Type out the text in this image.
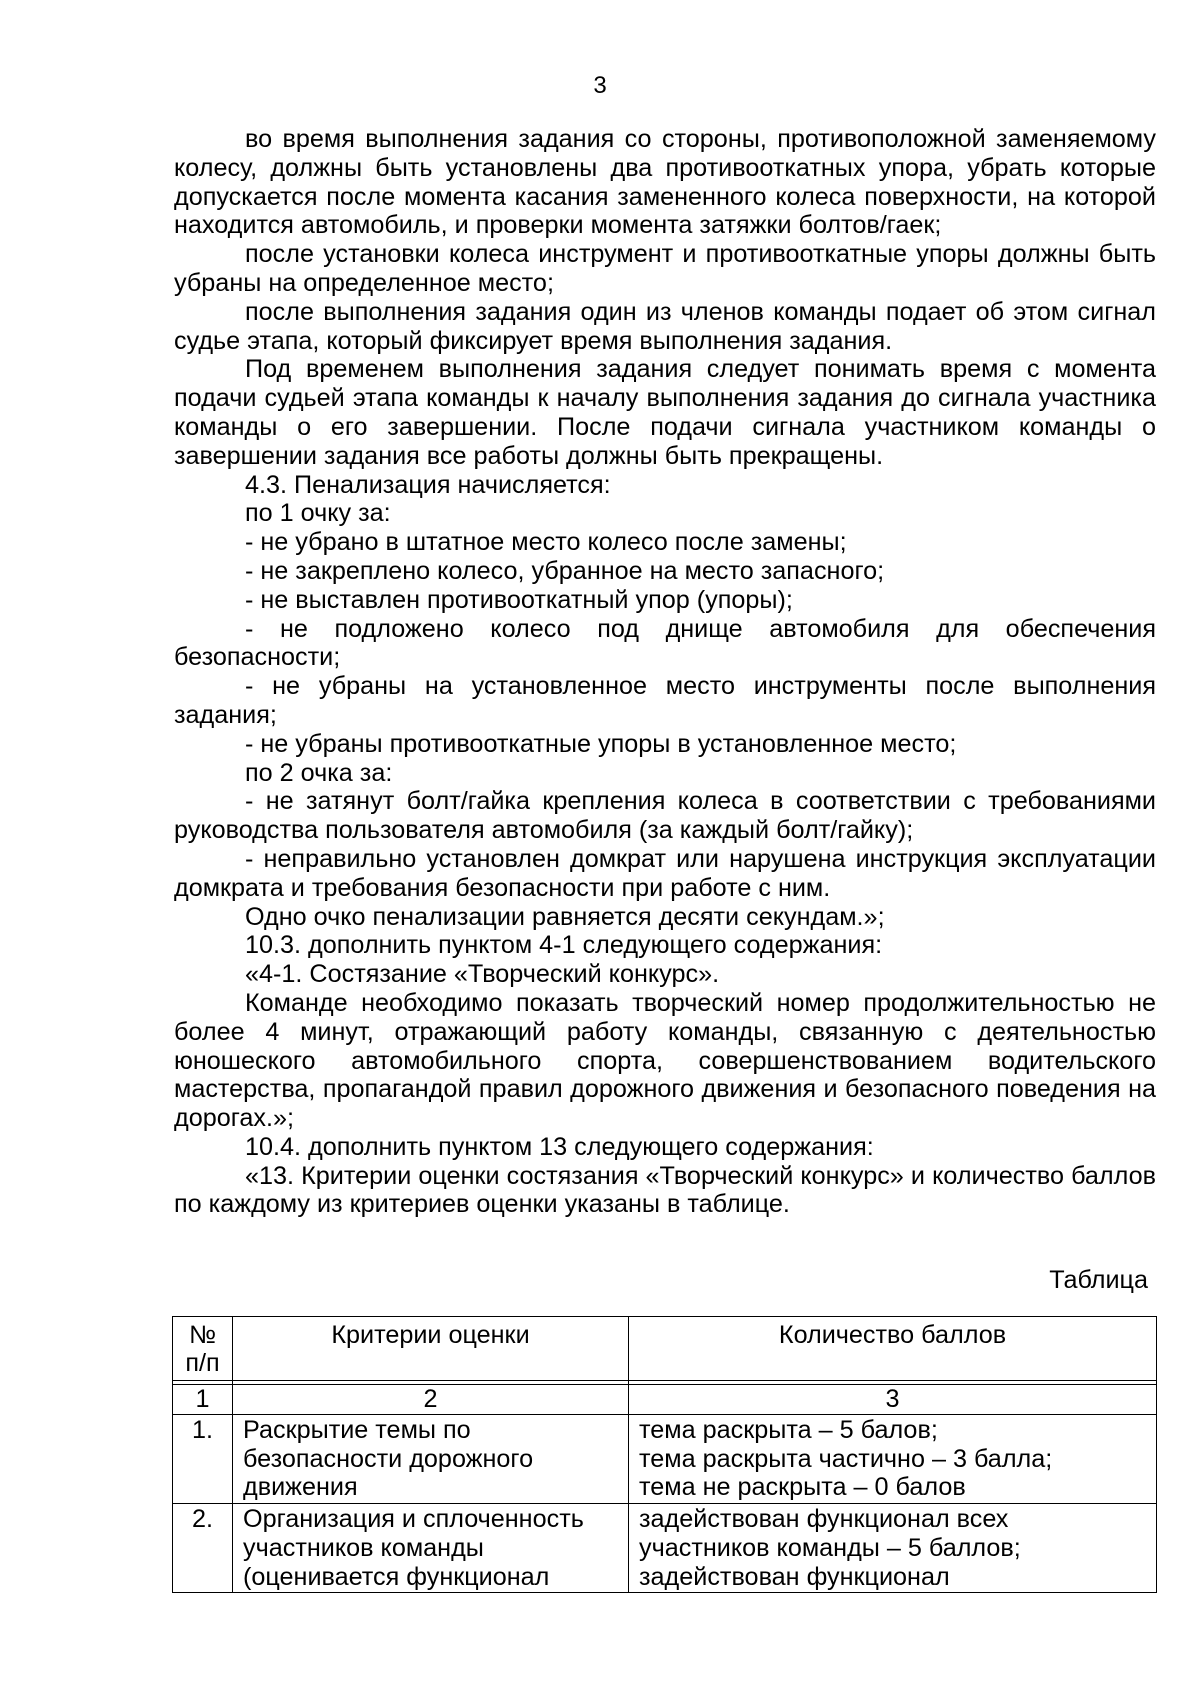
3

во время выполнения задания со стороны, противоположной заменяемому колесу, должны быть установлены два противооткатных упора, убрать которые допускается после момента касания замененного колеса поверхности, на которой находится автомобиль, и проверки момента затяжки болтов/гаек;

после установки колеса инструмент и противооткатные упоры должны быть убраны на определенное место;

после выполнения задания один из членов команды подает об этом сигнал судье этапа, который фиксирует время выполнения задания.

Под временем выполнения задания следует понимать время с момента подачи судьей этапа команды к началу выполнения задания до сигнала участника команды о его завершении. После подачи сигнала участником команды о завершении задания все работы должны быть прекращены.

4.3. Пенализация начисляется:

по 1 очку за:

- не убрано в штатное место колесо после замены;

- не закреплено колесо, убранное на место запасного;

- не выставлен противооткатный упор (упоры);

- не подложено колесо под днище автомобиля для обеспечения безопасности;

- не убраны на установленное место инструменты после выполнения задания;

- не убраны противооткатные упоры в установленное место;

по 2 очка за:

- не затянут болт/гайка крепления колеса в соответствии с требованиями руководства пользователя автомобиля (за каждый болт/гайку);

- неправильно установлен домкрат или нарушена инструкция эксплуатации домкрата и требования безопасности при работе с ним.

Одно очко пенализации равняется десяти секундам.»;

10.3. дополнить пунктом 4-1 следующего содержания:

«4-1. Состязание «Творческий конкурс».

Команде необходимо показать творческий номер продолжительностью не более 4 минут, отражающий работу команды, связанную с деятельностью юношеского автомобильного спорта, совершенствованием водительского мастерства, пропагандой правил дорожного движения и безопасного поведения на дорогах.»;

10.4. дополнить пунктом 13 следующего содержания:

«13. Критерии оценки состязания «Творческий конкурс» и количество баллов по каждому из критериев оценки указаны в таблице.

Таблица
№
п/п	Критерии оценки	Количество баллов

1	2	3
1.	Раскрытие темы по
безопасности дорожного
движения	тема раскрыта – 5 балов;
тема раскрыта частично – 3 балла;
тема не раскрыта – 0 балов

2.	Организация и сплоченность
участников команды
(оценивается функционал	задействован функционал всех
участников команды – 5 баллов;
задействован функционал
